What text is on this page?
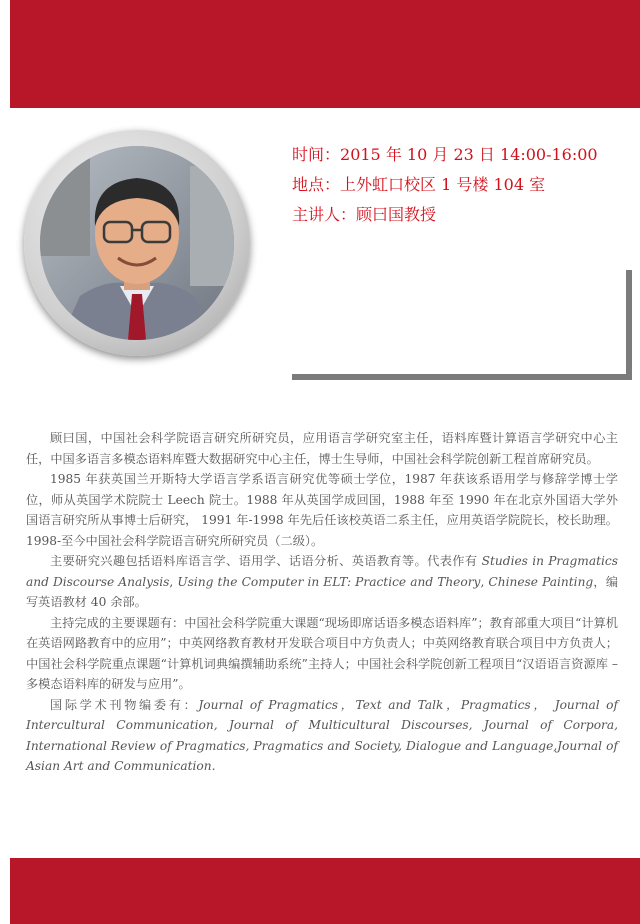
时间：2015 年 10 月 23 日 14:00-16:00
地点：上外虹口校区 1 号楼 104 室
主讲人：顾曰国教授

顾曰国，中国社会科学院语言研究所研究员，应用语言学研究室主任，语料库暨计算语言学研究中心主任，中国多语言多模态语料库暨大数据研究中心主任，博士生导师，中国社会科学院创新工程首席研究员。

1985 年获英国兰开斯特大学语言学系语言研究优等硕士学位，1987 年获该系语用学与修辞学博士学位，师从英国学术院院士 Leech 院士。1988 年从英国学成回国，1988 年至 1990 年在北京外国语大学外国语言研究所从事博士后研究， 1991 年-1998 年先后任该校英语二系主任，应用英语学院院长，校长助理。1998-至今中国社会科学院语言研究所研究员（二级）。

主要研究兴趣包括语料库语言学、语用学、话语分析、英语教育等。代表作有 Studies in Pragmatics and Discourse Analysis, Using the Computer in ELT: Practice and Theory, Chinese Painting，编写英语教材 40 余部。

主持完成的主要课题有：中国社会科学院重大课题“现场即席话语多模态语料库”；教育部重大项目“计算机在英语网路教育中的应用”；中英网络教育教材开发联合项目中方负责人；中英网络教育联合项目中方负责人；中国社会科学院重点课题“计算机词典编撰辅助系统”主持人；中国社会科学院创新工程项目“汉语语言资源库 – 多模态语料库的研发与应用”。

国际学术刊物编委有：Journal of Pragmatics，Text and Talk，Pragmatics， Journal of Intercultural Communication, Journal of Multicultural Discourses, Journal of Corpora, International Review of Pragmatics, Pragmatics and Society, Dialogue and Language,Journal of Asian Art and Communication.
